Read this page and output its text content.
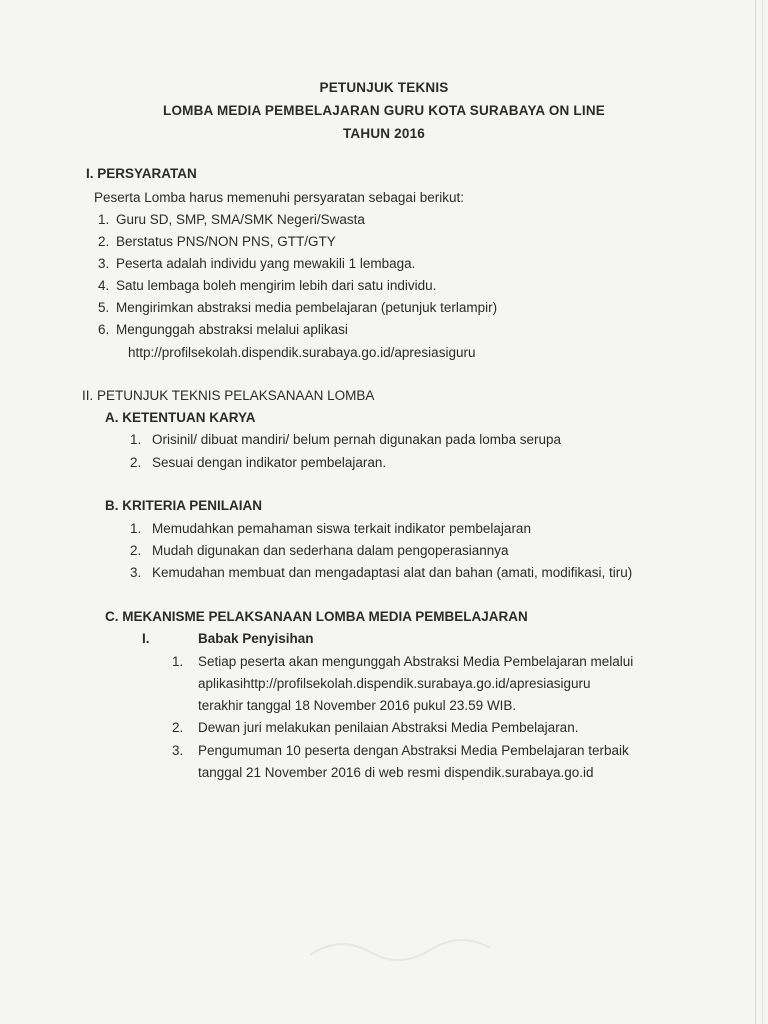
PETUNJUK TEKNIS
LOMBA MEDIA PEMBELAJARAN GURU KOTA SURABAYA ON LINE
TAHUN 2016
I. PERSYARATAN
Peserta Lomba harus memenuhi persyaratan sebagai berikut:
1. Guru SD, SMP, SMA/SMK Negeri/Swasta
2. Berstatus PNS/NON PNS, GTT/GTY
3. Peserta adalah individu yang mewakili 1 lembaga.
4. Satu lembaga boleh mengirim lebih dari satu individu.
5. Mengirimkan abstraksi media pembelajaran (petunjuk terlampir)
6. Mengunggah abstraksi melalui aplikasi
http://profilsekolah.dispendik.surabaya.go.id/apresiasiguru
II. PETUNJUK TEKNIS PELAKSANAAN LOMBA
A. KETENTUAN KARYA
1. Orisinil/ dibuat mandiri/ belum pernah digunakan pada lomba serupa
2. Sesuai dengan indikator pembelajaran.
B. KRITERIA PENILAIAN
1. Memudahkan pemahaman siswa terkait indikator pembelajaran
2. Mudah digunakan dan sederhana dalam pengoperasiannya
3. Kemudahan membuat dan mengadaptasi alat dan bahan (amati, modifikasi, tiru)
C. MEKANISME PELAKSANAAN LOMBA MEDIA PEMBELAJARAN
I.	Babak Penyisihan
1. Setiap peserta akan mengunggah Abstraksi Media Pembelajaran melalui
aplikasihttp://profilsekolah.dispendik.surabaya.go.id/apresiasiguru
terakhir tanggal 18 November 2016 pukul 23.59 WIB.
2. Dewan juri melakukan penilaian Abstraksi Media Pembelajaran.
3. Pengumuman 10 peserta dengan Abstraksi Media Pembelajaran terbaik
tanggal 21 November 2016 di web resmi dispendik.surabaya.go.id
